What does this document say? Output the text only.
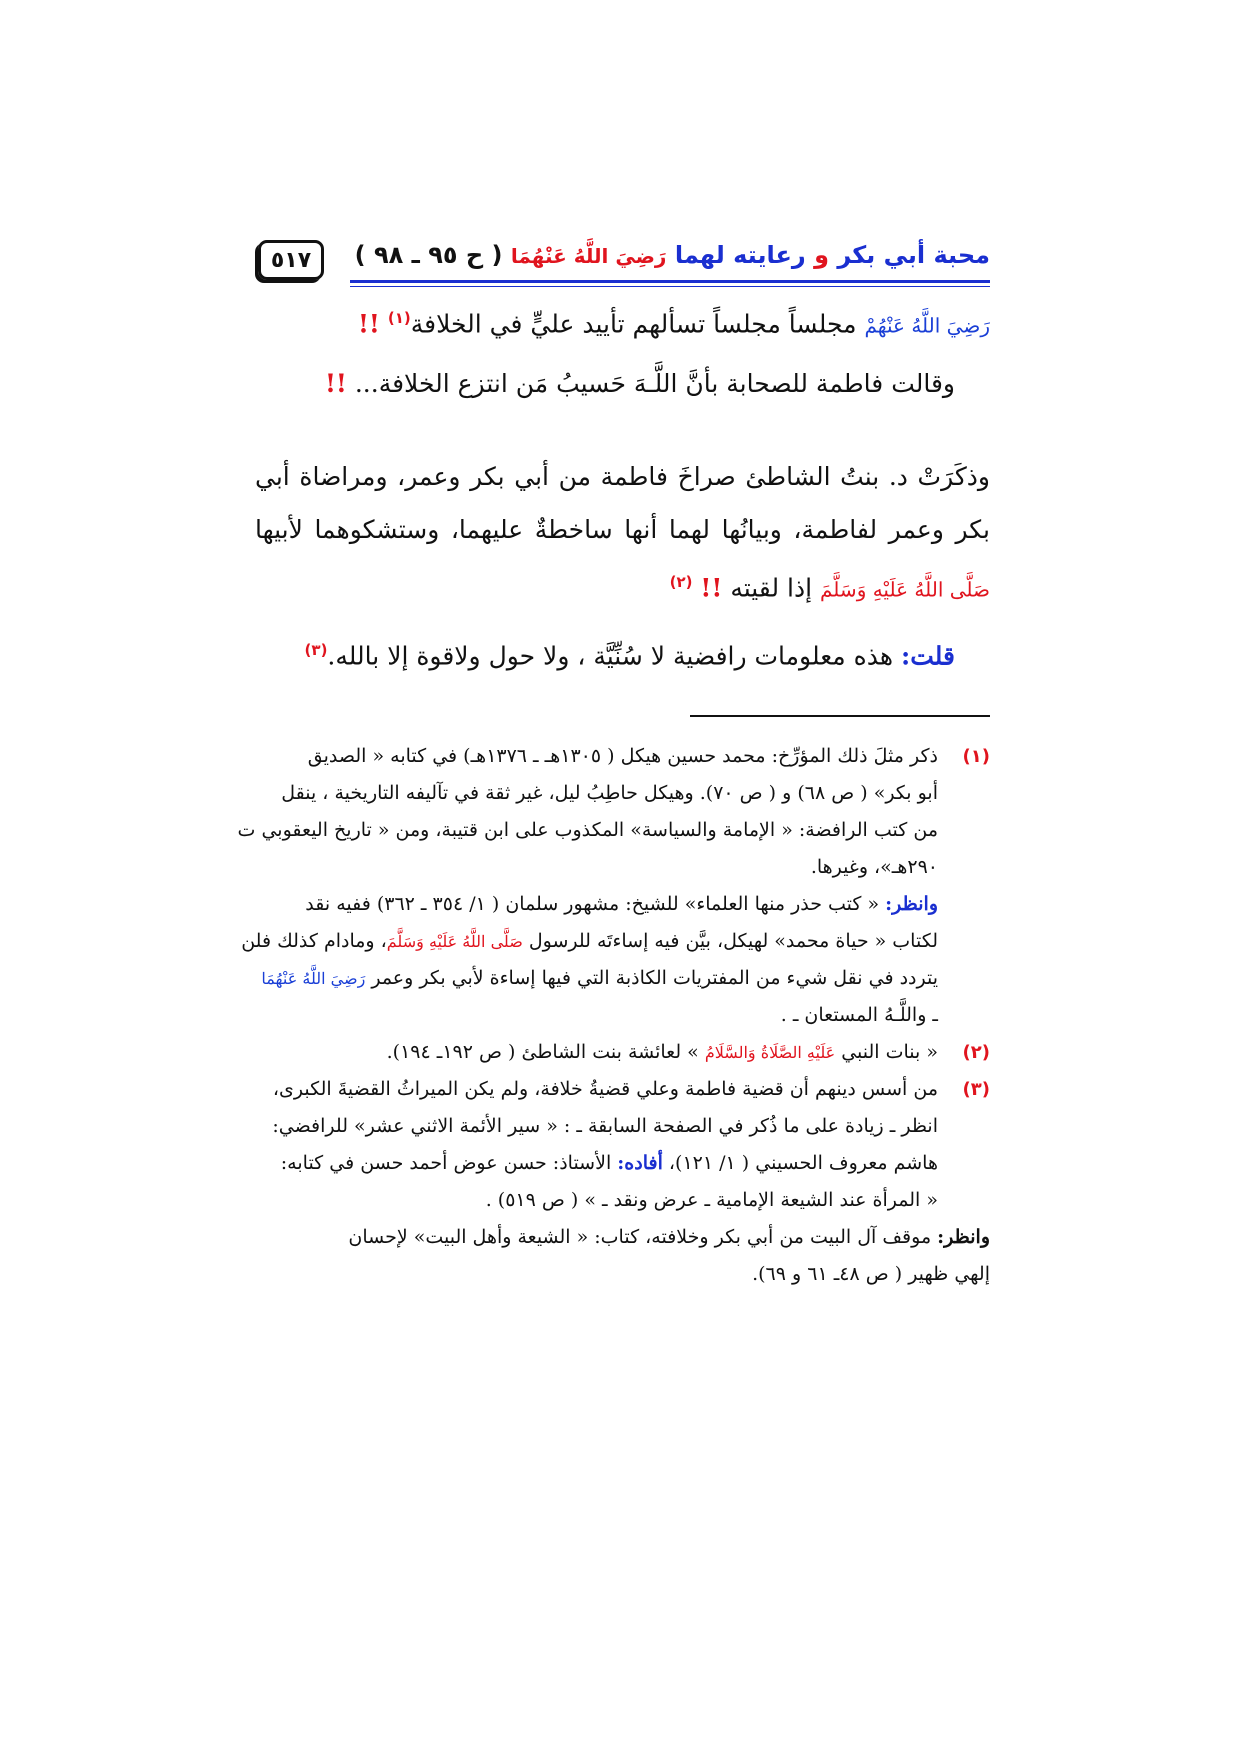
٥١٧	محبة أبي بكر و رعايته لهما رَضِيَ اللَّهُ عَنْهُمَا ( ح ٩٥ ـ ٩٨ )
رَضِيَ اللَّهُ عَنْهُمْ مجلساً مجلساً تسألهم تأييد عليٍّ في الخلافة$^{(١)}$ !!
وقالت فاطمة للصحابة بأنَّ اللَّـهَ حَسيبُ مَن انتزع الخلافة... !!
وذكَرَتْ د. بنتُ الشاطئ صراخَ فاطمة من أبي بكر وعمر، ومراضاة أبي بكر وعمر لفاطمة، وبيانُها لهما أنها ساخطةٌ عليهما، وستشكوهما لأبيها صَلَّى اللَّهُ عَلَيْهِ وَسَلَّمَ إذا لقيته !! $^{(٢)}$
قلت: هذه معلومات رافضية لا سُنِّيَّة ، ولا حول ولاقوة إلا بالله.$^{(٣)}$
(١)
ذكر مثلَ ذلك المؤرِّخ: محمد حسين هيكل ( ١٣٠٥هـ ـ ١٣٧٦هـ) في كتابه « الصديق
أبو بكر» ( ص ٦٨) و ( ص ٧٠). وهيكل حاطِبُ ليل، غير ثقة في تآليفه التاريخية ، ينقل
من كتب الرافضة: « الإمامة والسياسة» المكذوب على ابن قتيبة، ومن « تاريخ اليعقوبي ت
٢٩٠هـ»، وغيرها.
وانظر: « كتب حذر منها العلماء» للشيخ: مشهور سلمان ( ١/ ٣٥٤ ـ ٣٦٢) ففيه نقد
لكتاب « حياة محمد» لهيكل، بيَّن فيه إساءتَه للرسول صَلَّى اللَّهُ عَلَيْهِ وَسَلَّمَ، ومادام كذلك فلن
يتردد في نقل شيء من المفتريات الكاذبة التي فيها إساءة لأبي بكر وعمر رَضِيَ اللَّهُ عَنْهُمَا
ـ واللَّـهُ المستعان ـ .
(٢)
« بنات النبي عَلَيْهِ الصَّلَاةُ وَالسَّلَامُ » لعائشة بنت الشاطئ ( ص ١٩٢ـ ١٩٤).
(٣)
من أسس دينهم أن قضية فاطمة وعلي قضيةُ خلافة، ولم يكن الميراثُ القضيةَ الكبرى،
انظر ـ زيادة على ما ذُكر في الصفحة السابقة ـ : « سير الأئمة الاثني عشر» للرافضي:
هاشم معروف الحسيني ( ١/ ١٢١)، أفاده: الأستاذ: حسن عوض أحمد حسن في كتابه:
« المرأة عند الشيعة الإمامية ـ عرض ونقد ـ » ( ص ٥١٩) .
وانظر: موقف آل البيت من أبي بكر وخلافته، كتاب: « الشيعة وأهل البيت» لإحسان
إلهي ظهير ( ص ٤٨ـ ٦١ و ٦٩).
